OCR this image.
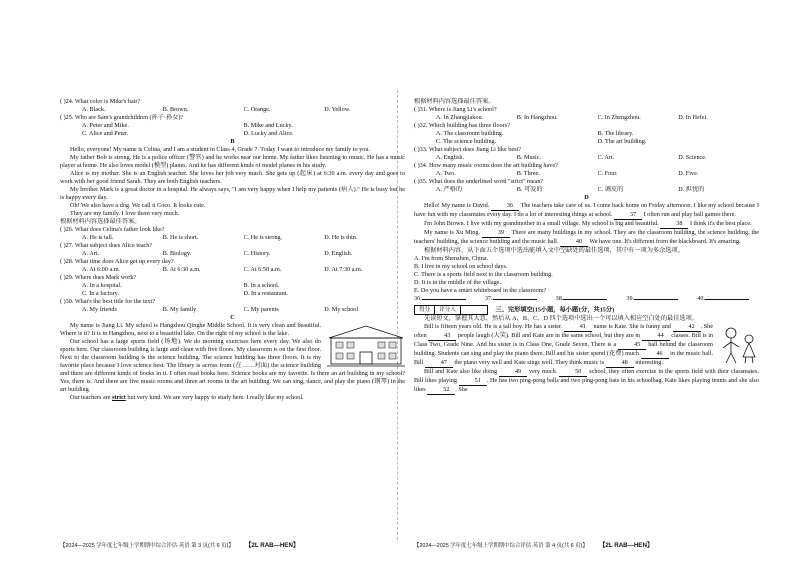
( )24. What color is Mike's hair?
A. Black.	B. Brown.	C. Orange.	D. Yellow.
( )25. Who are Sam's grandchildren (孙子·孙女)?
A. Peter and Mike.	B. Mike and Lucky.
C. Alice and Peter.	D. Lucky and Alice.
B

Hello, everyone! My name is Celina, and I am a student in Class 4, Grade 7. Today I want to introduce my family to you.

My father Bob is strong. He is a police officer (警官) and he works near our home. My father likes listening to music. He has a music player at home. He also loves model (模型) planes. And he has different kinds of model planes in his study.

Alice is my mother. She is an English teacher. She loves her job very much. She gets up (起床) at 6:30 a.m. every day and goes to work with her good friend Sarah. They are both English teachers.

My brother Mark is a great doctor in a hospital. He always says, "I am very happy when I help my patients (病人)." He is busy but he is happy every day.

Oh! We also have a dog. We call it Coco. It looks cute.

They are my family. I love them very much.

根据材料内容选择最佳答案。
( )26. What does Celina's father look like?
A. He is tall.	B. He is short.	C. He is strong.	D. He is thin.
( )27. What subject does Alice teach?
A. Art.	B. Biology.	C. History.	D. English.
( )28. What time does Alice get up every day?
A. At 6:00 a.m.	B. At 6:30 a.m.	C. At 6:50 a.m.	D. At 7:30 a.m.
( )29. Where does Mark work?
A. In a hospital.	B. In a school.
C. In a factory.	D. In a restaurant.
( )30. What's the best title for the text?
A. My friends	B. My family	C. My parents	D. My school
C

My name is Jiang Li. My school is Hangzhou Qinghe Middle School. It is very clean and beautiful. Where is it? It is in Hangzhou, next to a beautiful lake. On the right of my school is the lake.

Our school has a large sports field (场地). We do morning exercises here every day. We also do sports here. Our classroom building is large and clean with five floors. My classroom is on the first floor. Next to the classroom building is the science building. The science building has three floors. It is my favorite place because I love science best. The library is across from (在……对面) the science building and there are different kinds of books in it. I often read books here. Science books are my favorite. Is there an art building in my school? Yes, there is. And there are five music rooms and three art rooms in the art building. We can sing, dance, and play the piano (钢琴) in the art building.

Our teachers are strict but very kind. We are very happy to study here. I really like my school.

根据材料内容选择最佳答案。
( )31. Where is Jiang Li's school?
A. In Zhangjiakou.	B. In Hangzhou.	C. In Zhengzhou.	D. In Hefei.
( )32. Which building has three floors?
A. The classroom building.	B. The library.
C. The science building.	D. The art building.
( )33. What subject does Jiang Li like best?
A. English.	B. Music.	C. Art.	D. Science.
( )34. How many music rooms does the art building have?
A. Two.	B. Three.	C. Four.	D. Five.
( )35. What does the underlined word "strict" mean?
A. 严格的	B. 可爱的	C. 调皮的	D. 担忧的
D

Hello! My name is David.	36 The teachers take care of us. I come back home on Friday afternoon. I like my school because I have fun with my classmates every day. I do a lot of interesting things at school.	37 I often run and play ball games there.

I'm John Brown. I live with my grandmother in a small village. My school is big and beautiful.	38 I think it's the best place.

My name is Xu Ming.	39 There are many buildings in my school. They are the classroom building, the science building, the teachers' building, the science building and the music hall.	40 We have one. It's different from the blackboard. It's amazing.

根据材料内容，从下面五个选项中选出能填入文中空缺处的最佳选项，其中有一项为多余选项。

A. I'm from Shenzhen, China.
B. I live in my school on school days.
C. There is a sports field next to the classroom building.
D. It is in the middle of the village.
E. Do you have a smart whiteboard in the classroom?
36.	37.	38.	39.	40.
得分	评分人	三、完形填空(15小题，每小题1分，共15分)

先读短文，掌握其大意，然后从 A、B、C、D 四个选项中选出一个可以填入相应空白处的最佳选项。

Bill is fifteen years old. He is a tall boy. He has a sister.	41 name is Kate. She is funny and	42 . She often	43 people laugh (大笑). Bill and Kate are in the same school, but they are in	44 classes. Bill is in Class Two, Grade Nine. And his sister is in Class One, Grade Seven. There is a	45 hall behind the classroom building. Students can sing and play the piano there. Bill and his sister spend (花费) much	46 in the music hall. Bill	47 the piano very well and Kate sings well. They think music is	48 interesting.

Bill and Kate also like doing	49 very much.	50 school, they often exercise in the sports field with their classmates. Bill likes playing	51 . He has two ping-pong balls and two ping-pong bats in his schoolbag. Kate likes playing tennis and she also likes	52 . She

【2024—2025 学年度七年级上学期期中综合评估·英语 第 3 页(共 6 页)】 【2L RAB—HEN】	【2024—2025 学年度七年级上学期期中综合评估·英语 第 4 页(共 6 页)】 【2L RAB—HEN】
